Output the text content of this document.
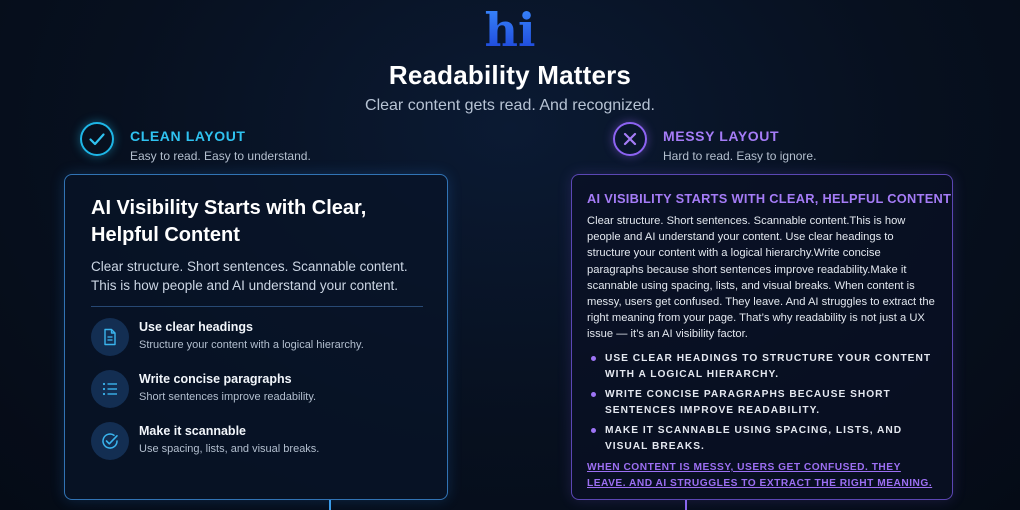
hi
Readability Matters
Clear content gets read. And recognized.
CLEAN LAYOUT
Easy to read. Easy to understand.
MESSY LAYOUT
Hard to read. Easy to ignore.
AI Visibility Starts with Clear, Helpful Content
Clear structure. Short sentences. Scannable content. This is how people and AI understand your content.
Use clear headings
Structure your content with a logical hierarchy.
Write concise paragraphs
Short sentences improve readability.
Make it scannable
Use spacing, lists, and visual breaks.
AI VISIBILITY STARTS WITH CLEAR, HELPFUL CONTENT
Clear structure. Short sentences. Scannable content.This is how people and AI understand your content. Use clear headings to structure your content with a logical hierarchy.Write concise paragraphs because short sentences improve readability.Make it scannable using spacing, lists, and visual breaks. When content is messy, users get confused. They leave. And AI struggles to extract the right meaning from your page. That’s why readability is not just a UX issue — it’s an AI visibility factor.
USE CLEAR HEADINGS TO STRUCTURE YOUR CONTENT WITH A LOGICAL HIERARCHY.
WRITE CONCISE PARAGRAPHS BECAUSE SHORT SENTENCES IMPROVE READABILITY.
MAKE IT SCANNABLE USING SPACING, LISTS, AND VISUAL BREAKS.
WHEN CONTENT IS MESSY, USERS GET CONFUSED. THEY LEAVE. AND AI STRUGGLES TO EXTRACT THE RIGHT MEANING.
